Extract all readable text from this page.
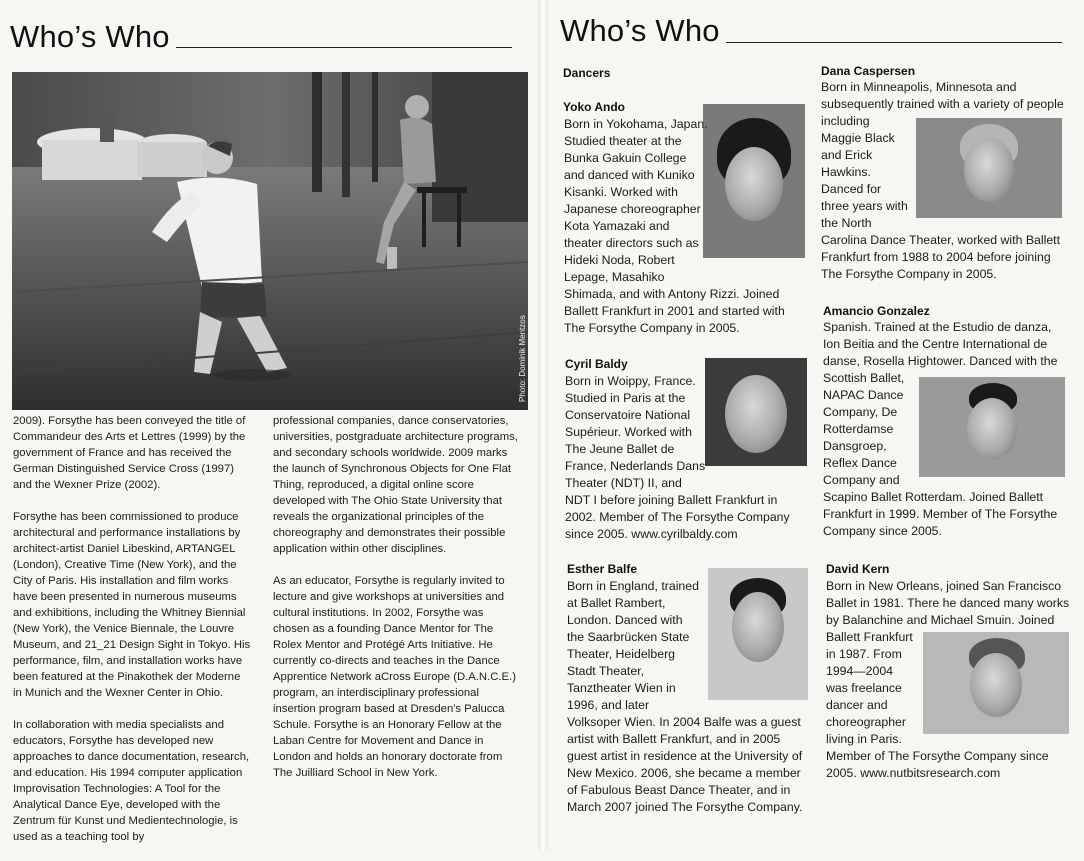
Who’s Who
Photo: Dominik Mentzos

2009). Forsythe has been conveyed the title of Commandeur des Arts et Lettres (1999) by the government of France and has received the German Distinguished Service Cross (1997) and the Wexner Prize (2002).

Forsythe has been commissioned to produce architectural and performance installations by architect-artist Daniel Libeskind, ARTANGEL (London), Creative Time (New York), and the City of Paris. His installation and film works have been presented in numerous museums and exhibitions, including the Whitney Biennial (New York), the Venice Biennale, the Louvre Museum, and 21_21 Design Sight in Tokyo. His performance, film, and installation works have been featured at the Pinakothek der Moderne in Munich and the Wexner Center in Ohio.

In collaboration with media specialists and educators, Forsythe has developed new approaches to dance documentation, research, and education. His 1994 computer application Improvisation Technologies: A Tool for the Analytical Dance Eye, developed with the Zentrum für Kunst und Medientechnologie, is used as a teaching tool by

professional companies, dance conservatories, universities, postgraduate architecture programs, and secondary schools worldwide. 2009 marks the launch of Synchronous Objects for One Flat Thing, reproduced, a digital online score developed with The Ohio State University that reveals the organizational principles of the choreography and demonstrates their possible application within other disciplines.

As an educator, Forsythe is regularly invited to lecture and give workshops at universities and cultural institutions. In 2002, Forsythe was chosen as a founding Dance Mentor for The Rolex Mentor and Protégé Arts Initiative. He currently co-directs and teaches in the Dance Apprentice Network aCross Europe (D.A.N.C.E.) program, an interdisciplinary professional insertion program based at Dresden's Palucca Schule. Forsythe is an Honorary Fellow at the Laban Centre for Movement and Dance in London and holds an honorary doctorate from The Juilliard School in New York.

Who’s Who
Dancers
Yoko Ando
Born in Yokohama, Japan. Studied theater at the Bunka Gakuin College and danced with Kuniko Kisanki. Worked with Japanese choreographer Kota Yamazaki and theater directors such as Hideki Noda, Robert Lepage, Masahiko Shimada, and with Antony Rizzi. Joined Ballett Frankfurt in 2001 and started with The Forsythe Company in 2005.
Cyril Baldy
Born in Woippy, France. Studied in Paris at the Conservatoire National Supérieur. Worked with The Jeune Ballet de France, Nederlands Dans Theater (NDT) II, and NDT I before joining Ballett Frankfurt in 2002. Member of The Forsythe Company since 2005. www.cyrilbaldy.com
Esther Balfe
Born in England, trained at Ballet Rambert, London. Danced with the Saarbrücken State Theater, Heidelberg Stadt Theater, Tanztheater Wien in 1996, and later Volksoper Wien. In 2004 Balfe was a guest artist with Ballett Frankfurt, and in 2005 guest artist in residence at the University of New Mexico. 2006, she became a member of Fabulous Beast Dance Theater, and in March 2007 joined The Forsythe Company.
Dana Caspersen
Born in Minneapolis, Minnesota and subsequently trained with a variety of people including Maggie Black and Erick Hawkins. Danced for three years with the North Carolina Dance Theater, worked with Ballett Frankfurt from 1988 to 2004 before joining The Forsythe Company in 2005.
Amancio Gonzalez
Spanish. Trained at the Estudio de danza, Ion Beitia and the Centre International de danse, Rosella Hightower. Danced with the Scottish Ballet, NAPAC Dance Company, De Rotterdamse Dansgroep, Reflex Dance Company and Scapino Ballet Rotterdam. Joined Ballett Frankfurt in 1999. Member of The Forsythe Company since 2005.
David Kern
Born in New Orleans, joined San Francisco Ballet in 1981. There he danced many works by Balanchine and Michael Smuin. Joined Ballett Frankfurt in 1987. From 1994—2004 was freelance dancer and choreographer living in Paris. Member of The Forsythe Company since 2005. www.nutbitsresearch.com
